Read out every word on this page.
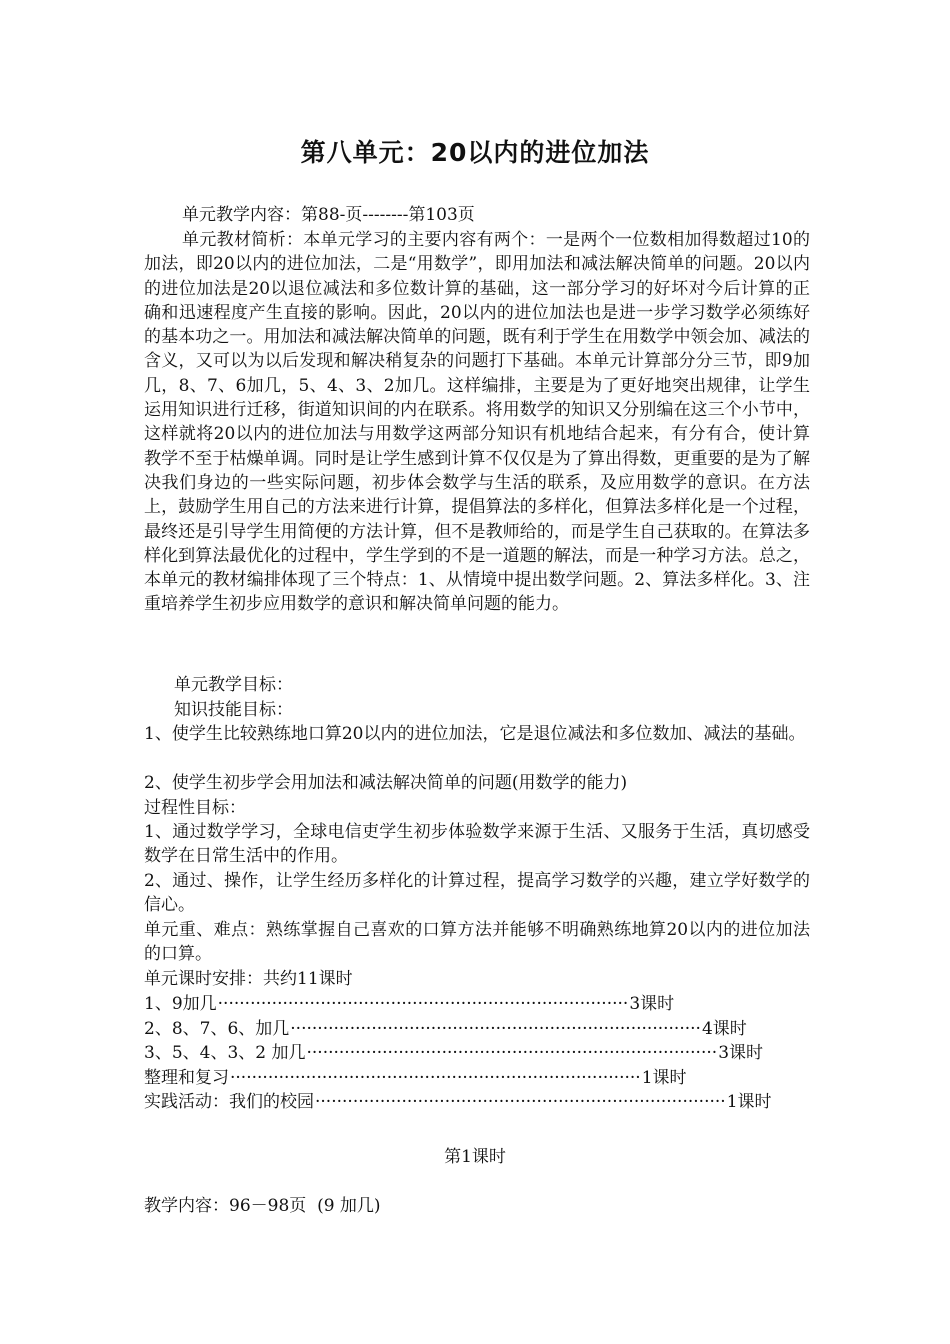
第八单元：20以内的进位加法
单元教学内容：第88-页--------第103页
单元教材简析：本单元学习的主要内容有两个：一是两个一位数相加得数超过10的加法，即20以内的进位加法，二是“用数学”，即用加法和减法解决简单的问题。20以内的进位加法是20以退位减法和多位数计算的基础，这一部分学习的好坏对今后计算的正确和迅速程度产生直接的影响。因此，20以内的进位加法也是进一步学习数学必须练好的基本功之一。用加法和减法解决简单的问题，既有利于学生在用数学中领会加、减法的含义，又可以为以后发现和解决稍复杂的问题打下基础。本单元计算部分分三节，即9加几，8、7、6加几，5、4、3、2加几。这样编排，主要是为了更好地突出规律，让学生运用知识进行迁移，街道知识间的内在联系。将用数学的知识又分别编在这三个小节中，这样就将20以内的进位加法与用数学这两部分知识有机地结合起来，有分有合，使计算教学不至于枯燥单调。同时是让学生感到计算不仅仅是为了算出得数，更重要的是为了解决我们身边的一些实际问题，初步体会数学与生活的联系，及应用数学的意识。在方法上，鼓励学生用自己的方法来进行计算，提倡算法的多样化，但算法多样化是一个过程，最终还是引导学生用简便的方法计算，但不是教师给的，而是学生自己获取的。在算法多样化到算法最优化的过程中，学生学到的不是一道题的解法，而是一种学习方法。总之，本单元的教材编排体现了三个特点：1、从情境中提出数学问题。2、算法多样化。3、注重培养学生初步应用数学的意识和解决简单问题的能力。
单元教学目标：
知识技能目标：
1、使学生比较熟练地口算20以内的进位加法，它是退位减法和多位数加、减法的基础。
2、使学生初步学会用加法和减法解决简单的问题(用数学的能力)
过程性目标：
1、通过数学学习，全球电信吏学生初步体验数学来源于生活、又服务于生活，真切感受数学在日常生活中的作用。
2、通过、操作，让学生经历多样化的计算过程，提高学习数学的兴趣，建立学好数学的信心。
单元重、难点：熟练掌握自己喜欢的口算方法并能够不明确熟练地算20以内的进位加法的口算。
单元课时安排：共约11课时
1、9加几 ············································································ 3课时
2、8、7、6、加几 ············································································ 4课时
3、5、4、3、2 加几 ············································································ 3课时
整理和复习 ············································································ 1课时
实践活动：我们的校园 ············································································ 1课时
第1课时
教学内容：96－98页  (9 加几)
